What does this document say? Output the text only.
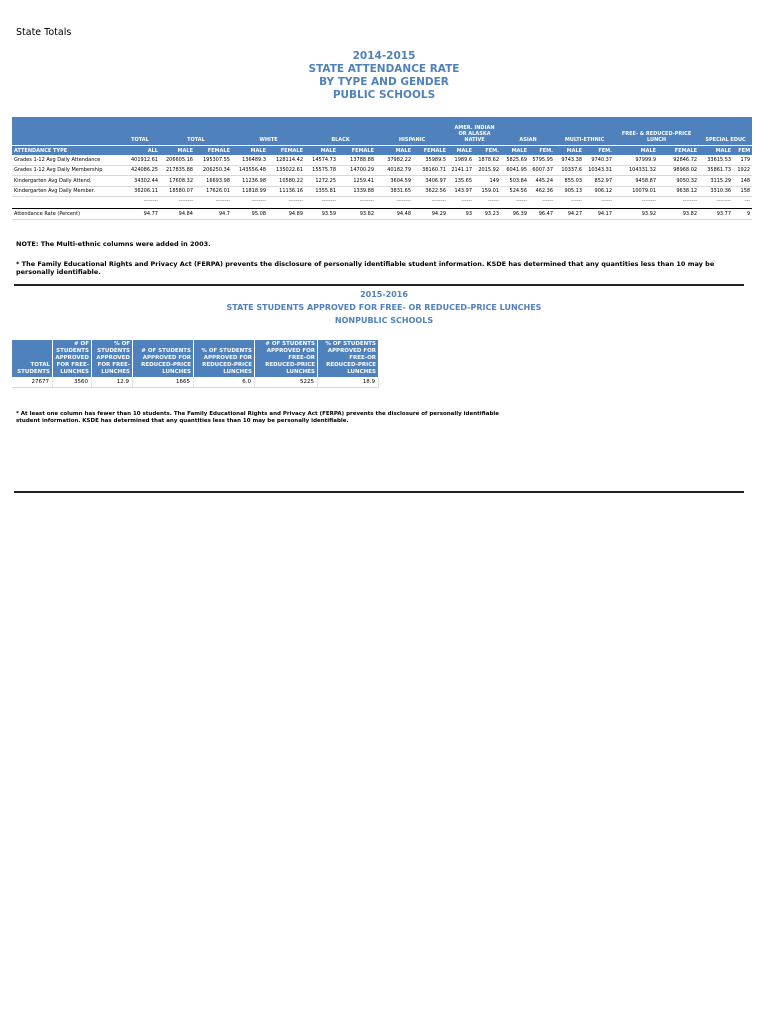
State Totals
2014-2015
STATE ATTENDANCE RATE
BY TYPE AND GENDER
PUBLIC SCHOOLS
	TOTAL	TOTAL		WHITE		BLACK		HISPANIC		AMER. INDIAN OR ALASKA NATIVE		ASIAN		MULTI-ETHNIC		FREE- & REDUCED-PRICE LUNCH		SPECIAL EDUC	
ATTENDANCE TYPE	ALL	MALE	FEMALE	MALE	FEMALE	MALE	FEMALE	MALE	FEMALE	MALE	FEM.	MALE	FEM.	MALE	FEM.	MALE	FEMALE	MALE	FEM
Grades 1-12 Avg Daily Attendance	401912.61	206605.16	195307.55	136489.3	128114.42	14574.73	13788.88	37982.22	35989.5	1989.6	1878.62	5825.69	5795.95	9743.38	9740.37	97999.9	92846.72	33615.53	179
Grades 1-12 Avg Daily Membership	424086.25	217835.88	206250.34	143556.48	135022.61	15575.78	14700.29	40182.79	38160.71	2141.17	2015.92	6041.95	6007.37	10337.6	10343.31	104331.32	98968.02	35861.73	1922
Kindergarten Avg Daily Attend.	34302.44	17608.32	16693.98	11236.98	10580.22	1272.25	1259.41	3604.59	3406.97	135.65	149	503.84	445.24	855.03	852.97	9458.87	9050.32	3115.29	148
Kindergarten Avg Daily Member.	36206.11	18580.07	17626.01	11818.99	11136.16	1355.81	1339.88	3831.65	3622.56	143.97	159.01	524.56	462.36	905.13	906.12	10079.01	9638.12	3310.36	158
	--------	--------	--------	--------	--------	--------	--------	--------	--------	------	------	------	------	------	------	--------	--------	--------	---

Attendance Rate (Percent)	94.77	94.84	94.7	95.08	94.89	93.59	93.82	94.48	94.29	93	93.23	96.39	96.47	94.27	94.17	93.92	93.82	93.77	9
NOTE: The Multi-ethnic columns were added in 2003.
* The Family Educational Rights and Privacy Act (FERPA) prevents the disclosure of personally identifiable student information. KSDE has determined that any quantities less than 10 may be personally identifiable.
2015-2016
STATE STUDENTS APPROVED FOR FREE- OR REDUCED-PRICE LUNCHES
NONPUBLIC SCHOOLS
TOTAL STUDENTS	# OF STUDENTS APPROVED FOR FREE-LUNCHES	% OF STUDENTS APPROVED FOR FREE-LUNCHES	# OF STUDENTS APPROVED FOR REDUCED-PRICE LUNCHES	% OF STUDENTS APPROVED FOR REDUCED-PRICE LUNCHES	# OF STUDENTS APPROVED FOR FREE-OR REDUCED-PRICE LUNCHES	% OF STUDENTS APPROVED FOR FREE-OR REDUCED-PRICE LUNCHES
27677	3560	12.9	1665	6.0	5225	18.9
* At least one column has fewer than 10 students. The Family Educational Rights and Privacy Act (FERPA) prevents the disclosure of personally identifiable student information. KSDE has determined that any quantities less than 10 may be personally identifiable.
